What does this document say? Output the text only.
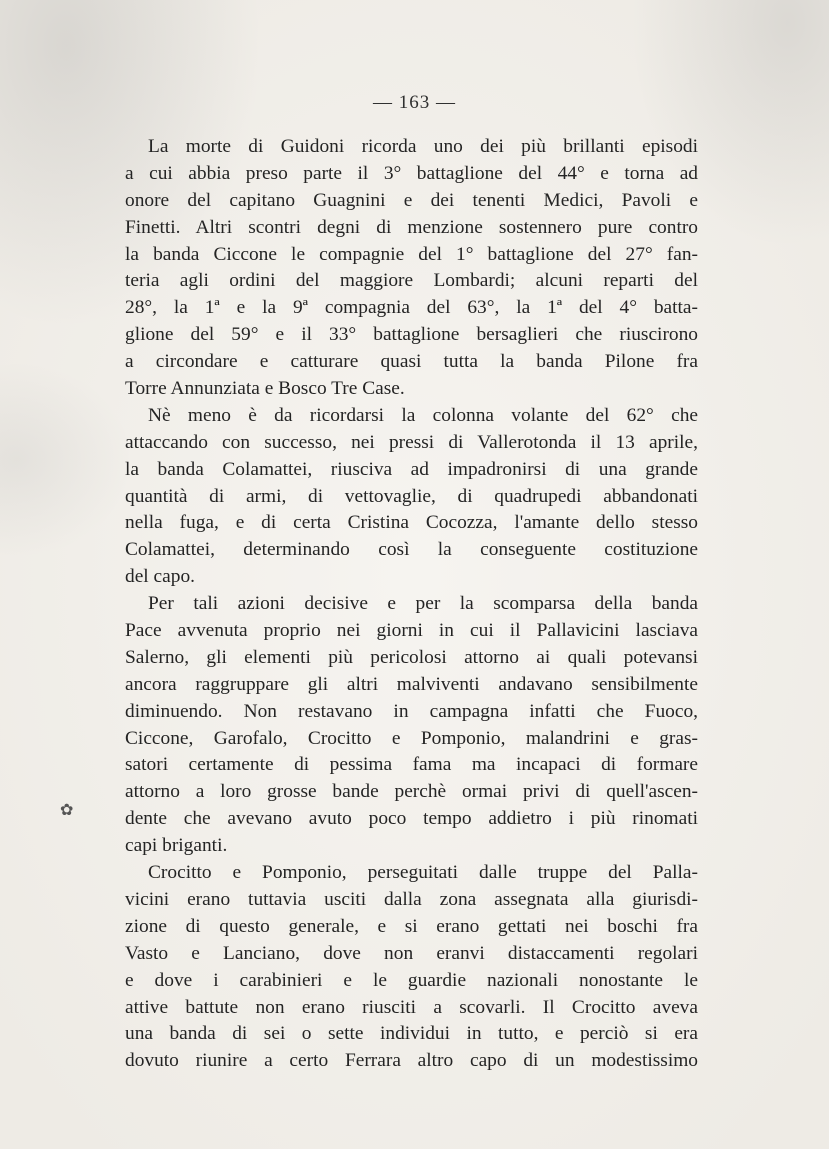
— 163 —
La morte di Guidoni ricorda uno dei più brillanti episodi
a cui abbia preso parte il 3° battaglione del 44° e torna ad
onore del capitano Guagnini e dei tenenti Medici, Pavoli e
Finetti. Altri scontri degni di menzione sostennero pure contro
la banda Ciccone le compagnie del 1° battaglione del 27° fan-
teria agli ordini del maggiore Lombardi; alcuni reparti del
28°, la 1ª e la 9ª compagnia del 63°, la 1ª del 4° batta-
glione del 59° e il 33° battaglione bersaglieri che riuscirono
a circondare e catturare quasi tutta la banda Pilone fra
Torre Annunziata e Bosco Tre Case.
Nè meno è da ricordarsi la colonna volante del 62° che
attaccando con successo, nei pressi di Vallerotonda il 13 aprile,
la banda Colamattei, riusciva ad impadronirsi di una grande
quantità di armi, di vettovaglie, di quadrupedi abbandonati
nella fuga, e di certa Cristina Cocozza, l'amante dello stesso
Colamattei, determinando così la conseguente costituzione
del capo.
Per tali azioni decisive e per la scomparsa della banda
Pace avvenuta proprio nei giorni in cui il Pallavicini lasciava
Salerno, gli elementi più pericolosi attorno ai quali potevansi
ancora raggruppare gli altri malviventi andavano sensibilmente
diminuendo. Non restavano in campagna infatti che Fuoco,
Ciccone, Garofalo, Crocitto e Pomponio, malandrini e gras-
satori certamente di pessima fama ma incapaci di formare
attorno a loro grosse bande perchè ormai privi di quell'ascen-
dente che avevano avuto poco tempo addietro i più rinomati
capi briganti.
Crocitto e Pomponio, perseguitati dalle truppe del Palla-
vicini erano tuttavia usciti dalla zona assegnata alla giurisdi-
zione di questo generale, e si erano gettati nei boschi fra
Vasto e Lanciano, dove non eranvi distaccamenti regolari
e dove i carabinieri e le guardie nazionali nonostante le
attive battute non erano riusciti a scovarli. Il Crocitto aveva
una banda di sei o sette individui in tutto, e perciò si era
dovuto riunire a certo Ferrara altro capo di un modestissimo
✿
